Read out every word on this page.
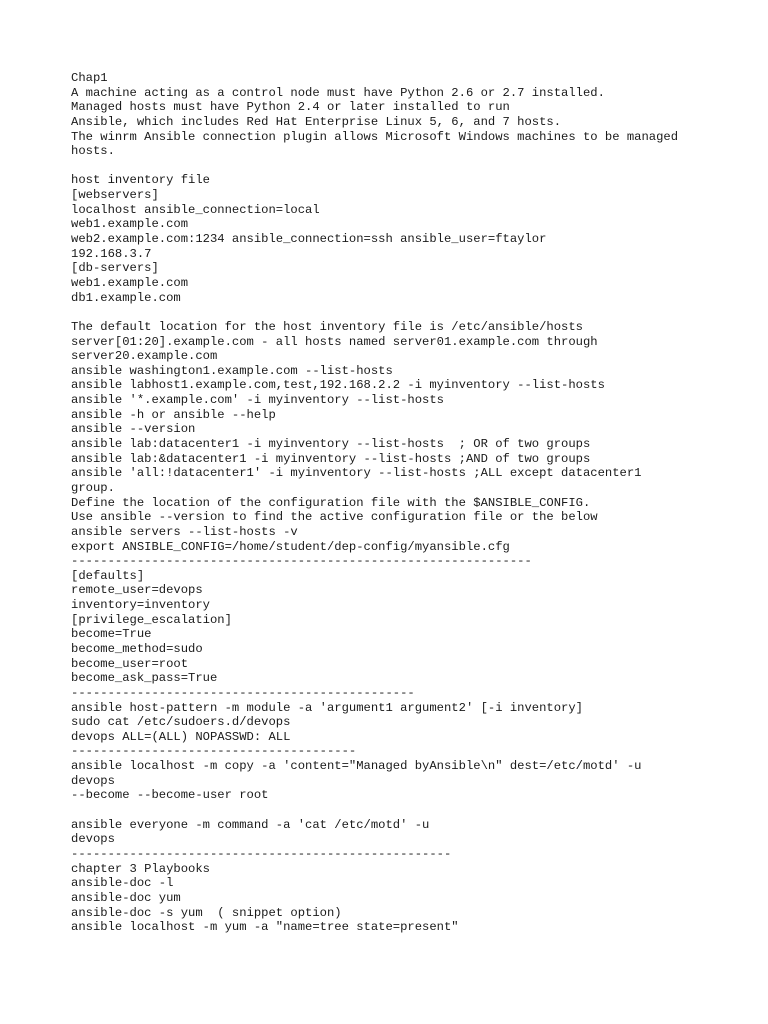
Chap1
A machine acting as a control node must have Python 2.6 or 2.7 installed.
Managed hosts must have Python 2.4 or later installed to run
Ansible, which includes Red Hat Enterprise Linux 5, 6, and 7 hosts.
The winrm Ansible connection plugin allows Microsoft Windows machines to be managed
hosts.
host inventory file
[webservers]
localhost ansible_connection=local
web1.example.com
web2.example.com:1234 ansible_connection=ssh ansible_user=ftaylor
192.168.3.7
[db-servers]
web1.example.com
db1.example.com
The default location for the host inventory file is /etc/ansible/hosts
server[01:20].example.com - all hosts named server01.example.com through
server20.example.com
ansible washington1.example.com --list-hosts
ansible labhost1.example.com,test,192.168.2.2 -i myinventory --list-hosts
ansible '*.example.com' -i myinventory --list-hosts
ansible -h or ansible --help
ansible --version
ansible lab:datacenter1 -i myinventory --list-hosts  ; OR of two groups
ansible lab:&datacenter1 -i myinventory --list-hosts ;AND of two groups
ansible 'all:!datacenter1' -i myinventory --list-hosts ;ALL except datacenter1
group.
Define the location of the configuration file with the $ANSIBLE_CONFIG.
Use ansible --version to find the active configuration file or the below
ansible servers --list-hosts -v
export ANSIBLE_CONFIG=/home/student/dep-config/myansible.cfg
---------------------------------------------------------------
[defaults]
remote_user=devops
inventory=inventory
[privilege_escalation]
become=True
become_method=sudo
become_user=root
become_ask_pass=True
-----------------------------------------------
ansible host-pattern -m module -a 'argument1 argument2' [-i inventory]
sudo cat /etc/sudoers.d/devops
devops ALL=(ALL) NOPASSWD: ALL
---------------------------------------
ansible localhost -m copy -a 'content="Managed byAnsible\n" dest=/etc/motd' -u
devops
--become --become-user root
ansible everyone -m command -a 'cat /etc/motd' -u
devops
----------------------------------------------------
chapter 3 Playbooks
ansible-doc -l
ansible-doc yum
ansible-doc -s yum  ( snippet option)
ansible localhost -m yum -a "name=tree state=present"
